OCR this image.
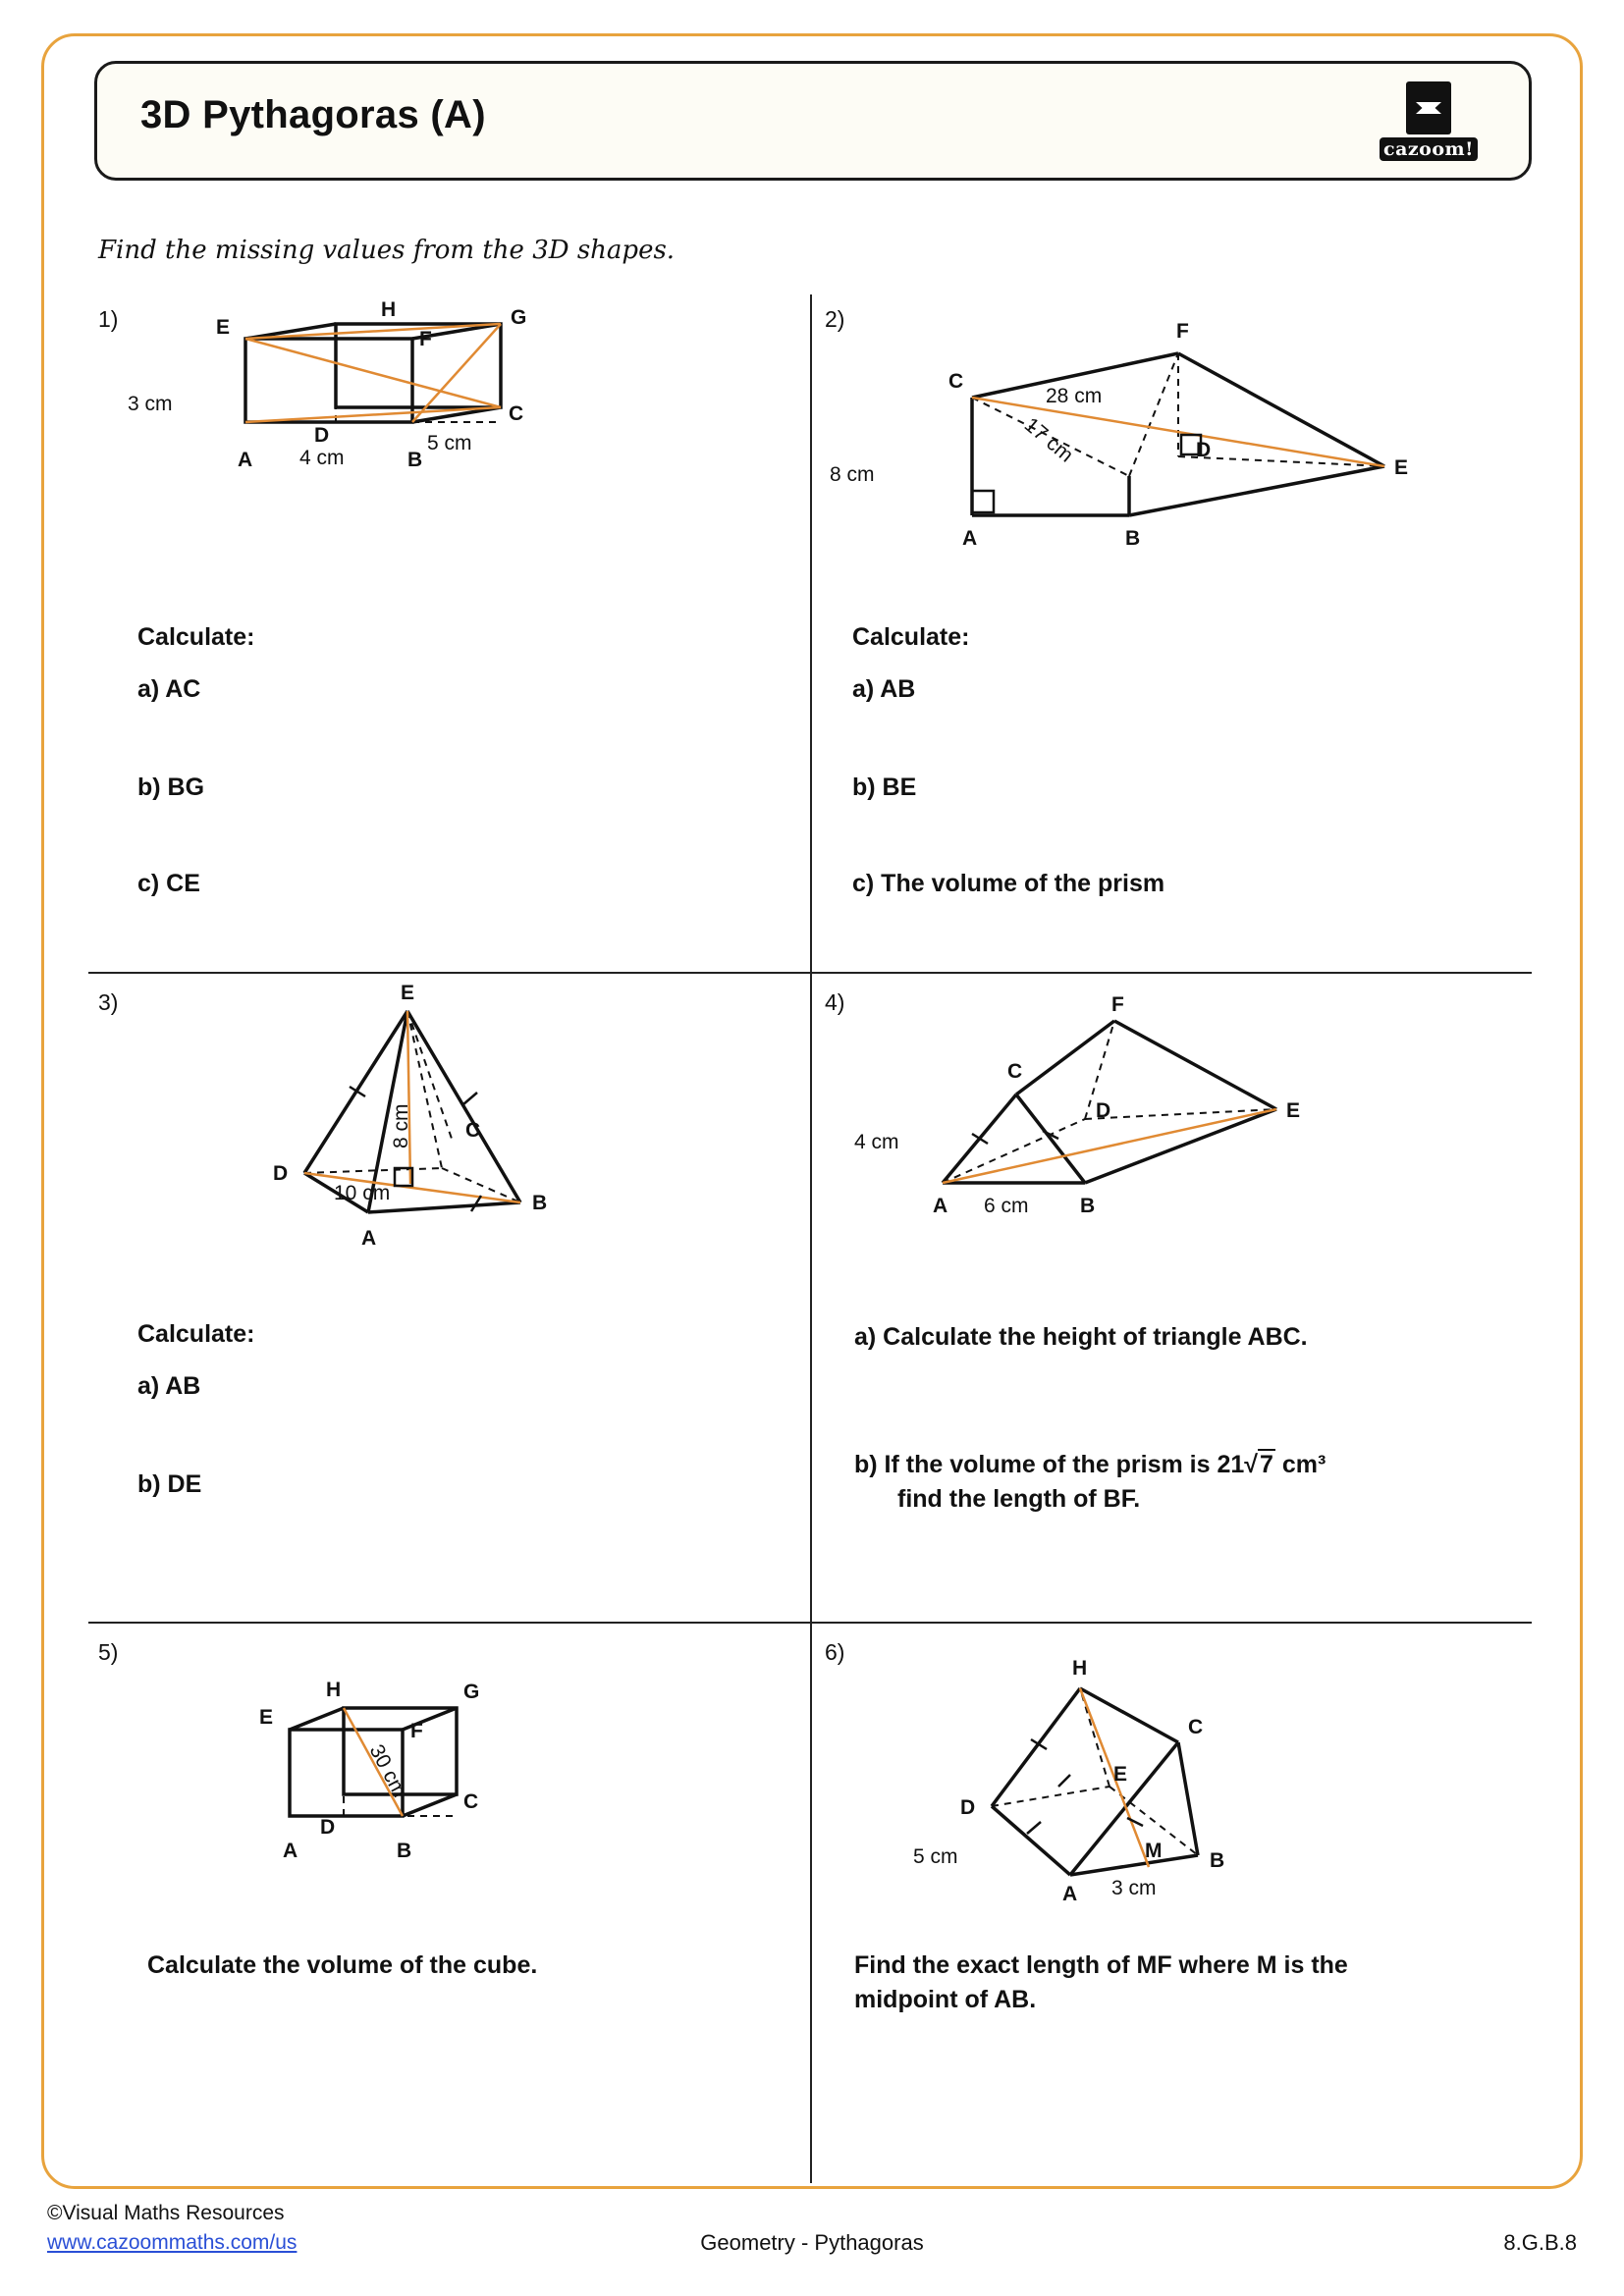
3D Pythagoras (A)
cazoom!
Find the missing values from the 3D shapes.
1)	H	G
E
F
D
C
A	B
3 cm
4 cm
5 cm
Calculate:
a) AC
b) BG
c) CE
2)	F
C
D
E
A	B
8 cm
28 cm
17 cm
Calculate:
a) AB
b) BE
c) The volume of the prism
3)	E
C
D
B
A
8 cm
10 cm
Calculate:
a) AB
b) DE
4)	F
C
D	E
A	B
4 cm
6 cm
a) Calculate the height of triangle ABC.
b) If the volume of the prism is 21√7 cm³
find the length of BF.
5)
H	G
E
F
D
C
A	B
30 cm
Calculate the volume of the cube.
6)
H
C
E
D
M B
A
5 cm
3 cm
Find the exact length of MF where M is the
midpoint of AB.
©Visual Maths Resources
www.cazoommaths.com/us	Geometry - Pythagoras	8.G.B.8
